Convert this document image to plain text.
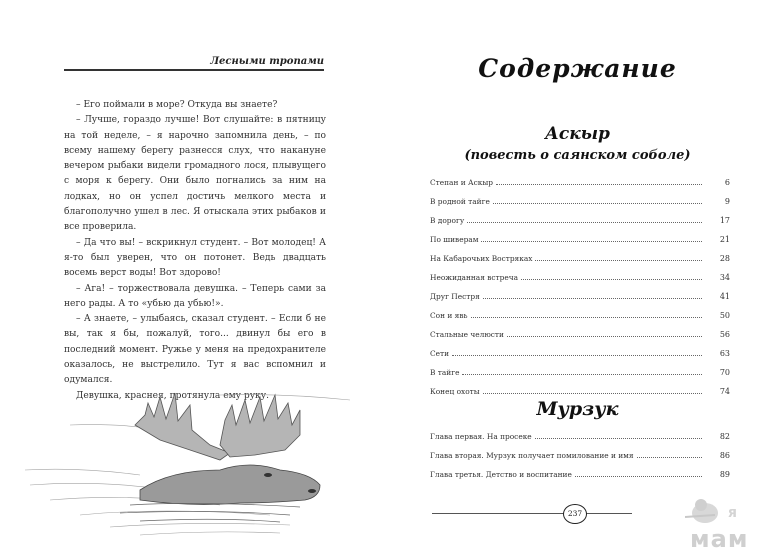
Лесными тропами

– Его поймали в море? Откуда вы знаете?

– Лучше, гораздо лучше! Вот слушайте: в пятницу на той неделе, – я нарочно запомнила день, – по всему нашему берегу разнесся слух, что накануне вечером рыбаки видели громадного лося, плывущего с моря к берегу. Они было погнались за ним на лодках, но он успел достичь мелкого места и благополучно ушел в лес. Я отыскала этих рыбаков и все проверила.

– Да что вы! – вскрикнул студент. – Вот молодец! А я-то был уверен, что он потонет. Ведь двадцать восемь верст воды! Вот здорово!

– Ага! – торжествовала девушка. – Теперь сами за него рады. А то «убью да убью!».

– А знаете, – улыбаясь, сказал студент. – Если б не вы, так я бы, пожалуй, того... двинул бы его в последний момент. Ружье у меня на предохранителе оказалось, не выстрелило. Тут я вас вспомнил и одумался.

Девушка, краснея, протянула ему руку.

Содержание
Аскыр
(повесть о саянском соболе)
Степан и Аскыр	6
В родной тайге	9
В дорогу	17
По шиверам	21
На Кабарочьих Востряках	28
Неожиданная встреча	34
Друг Пестря	41
Сон и явь	50
Стальные челюсти	56
Сети	63
В тайге	70
Конец охоты	74
Мурзук
Глава первая. На просеке	82
Глава вторая. Мурзук получает помилование и имя	86
Глава третья. Детство и воспитание	89
237	я
мам
